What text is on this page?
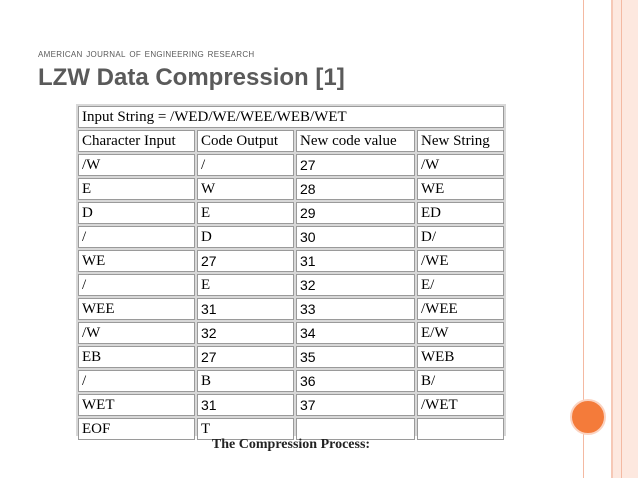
american journal of engineering research
LZW Data Compression [1]
Input String = /WED/WE/WEE/WEB/WET			
Character Input	Code Output	New code value	New String
/W	/	27	/W
E	W	28	WE
D	E	29	ED
/	D	30	D/
WE	27	31	/WE
/	E	32	E/
WEE	31	33	/WEE
/W	32	34	E/W
EB	27	35	WEB
/	B	36	B/
WET	31	37	/WET
EOF	T		
The Compression Process:
